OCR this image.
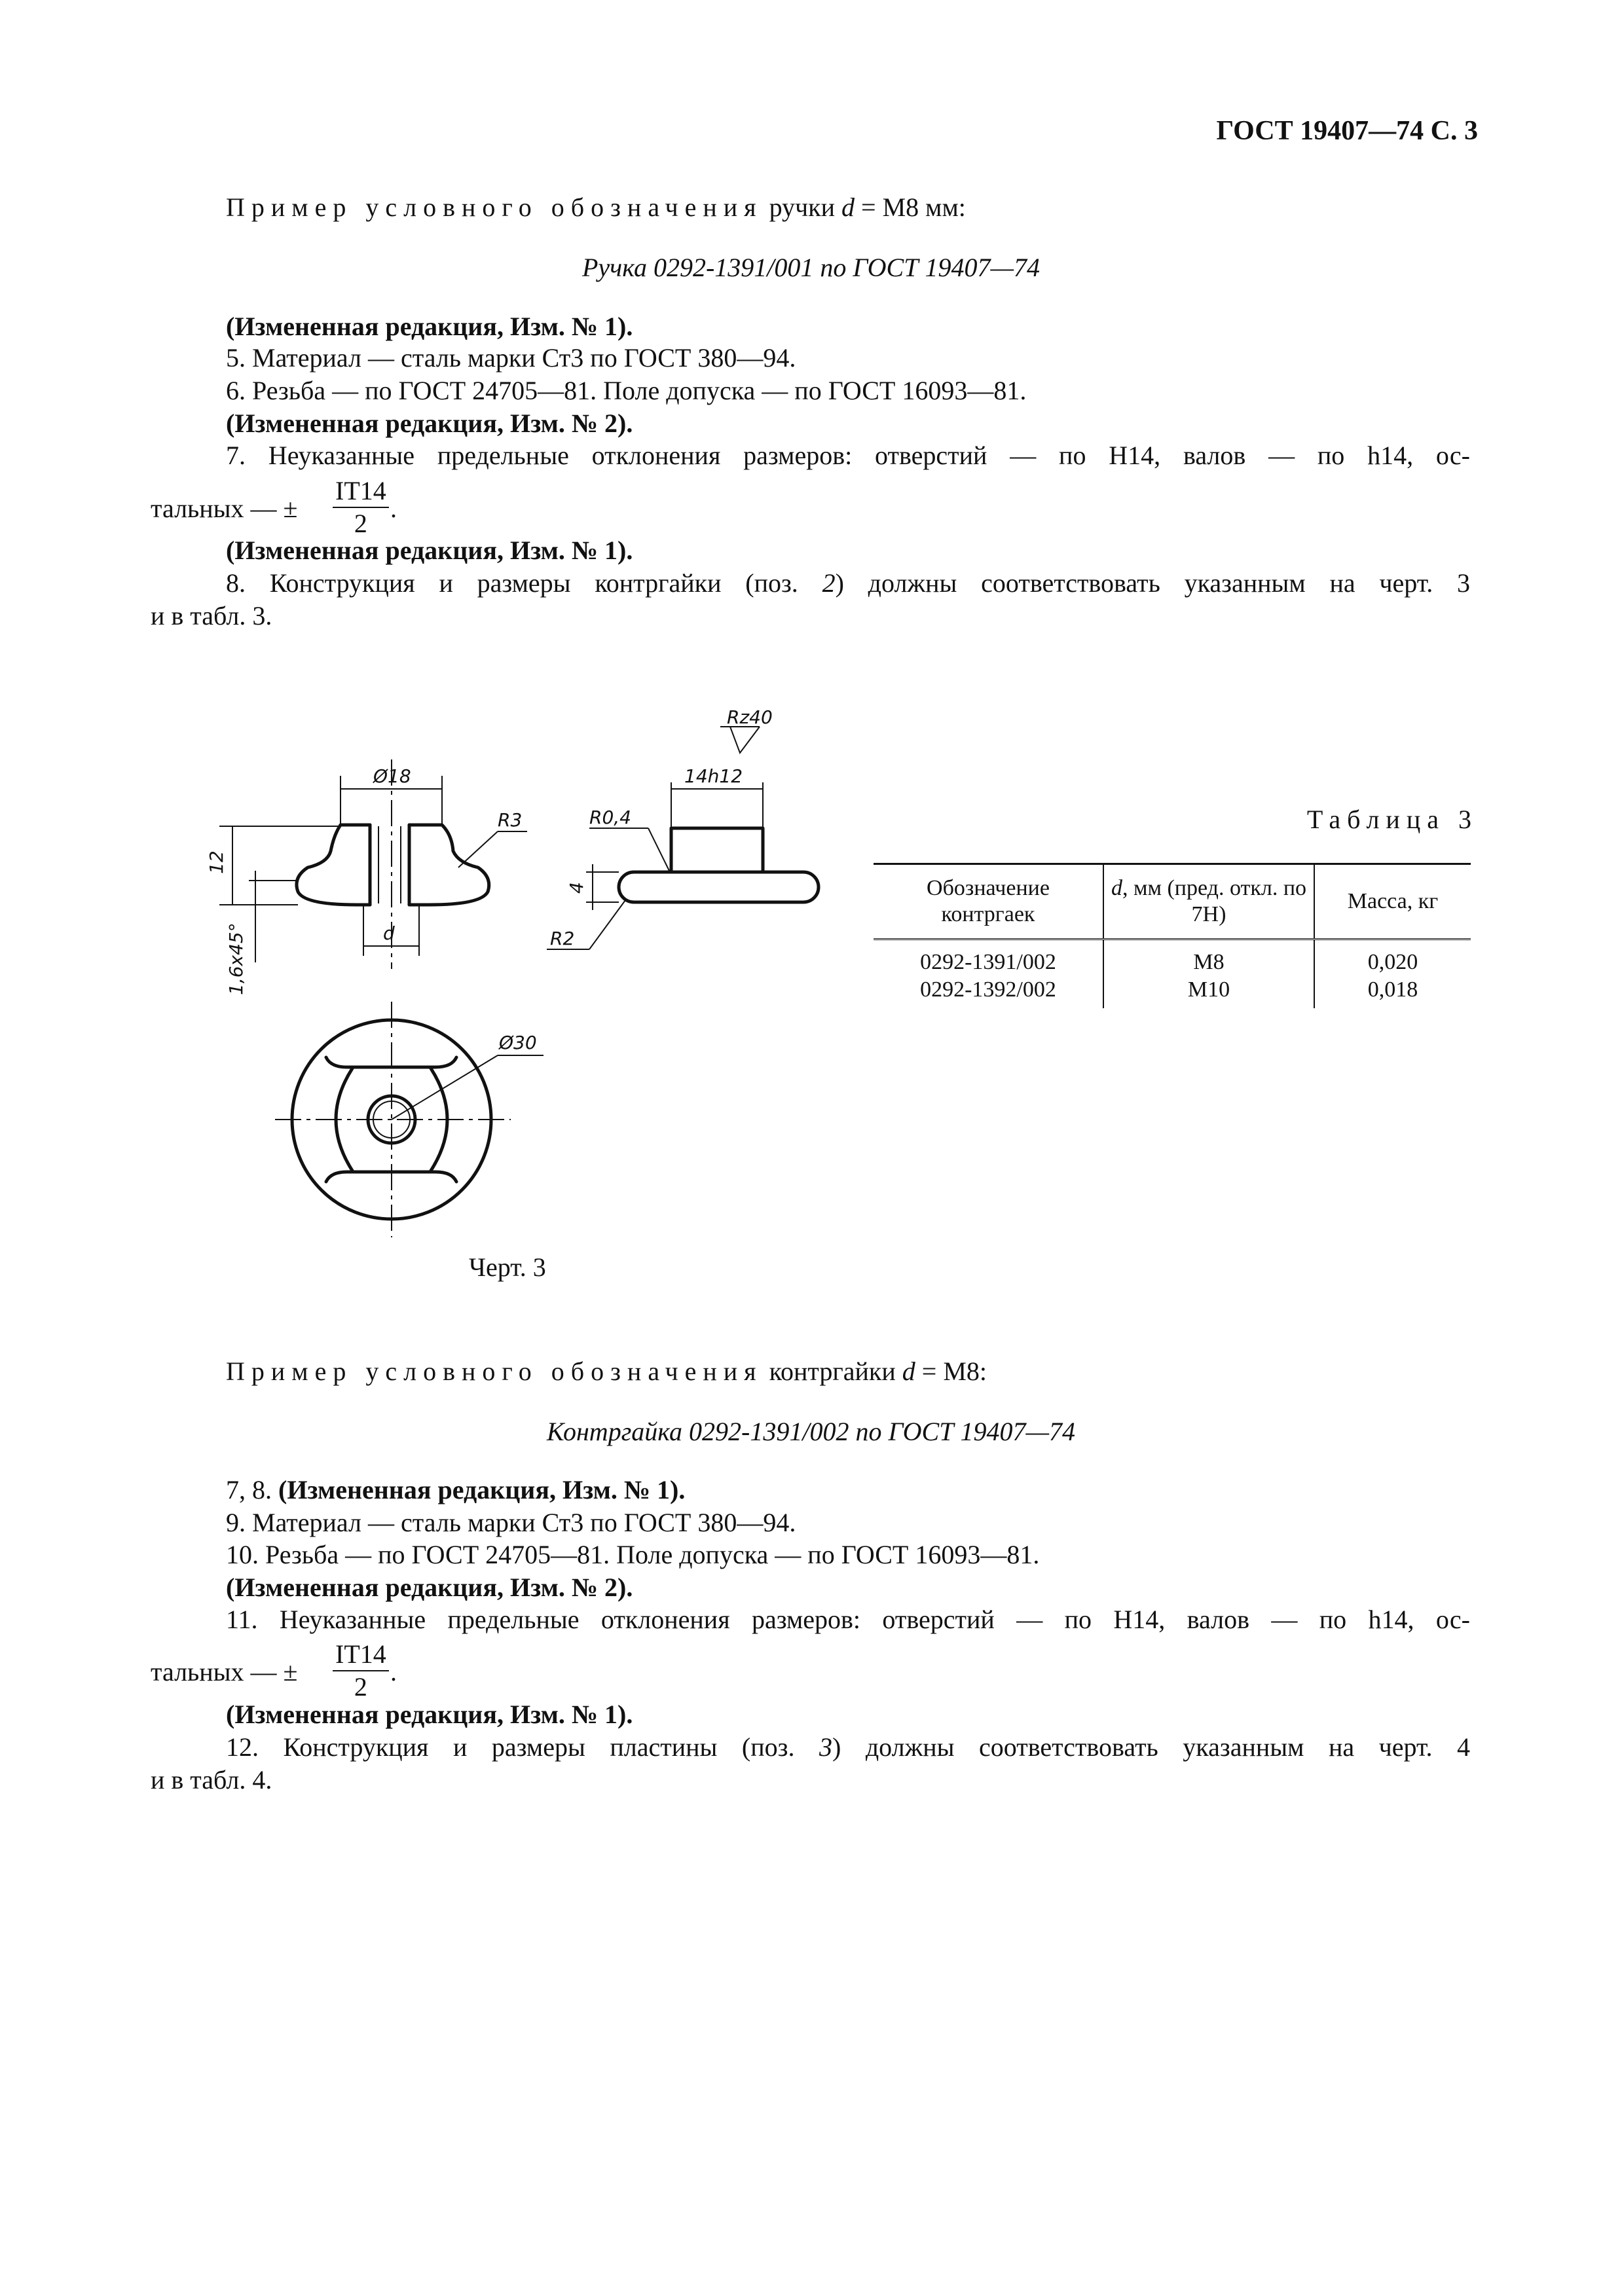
ГОСТ 19407—74 С. 3
Пример условного обозначения ручки d = М8 мм:
Ручка 0292-1391/001 по ГОСТ 19407—74
(Измененная редакция, Изм. № 1).
5. Материал — сталь марки Ст3 по ГОСТ 380—94.
6. Резьба — по ГОСТ 24705—81. Поле допуска — по ГОСТ 16093—81.
(Измененная редакция, Изм. № 2).
7. Неуказанные предельные отклонения размеров: отверстий — по Н14, валов — по h14, ос-
тальных — ± $\frac{IT14}{2}$ .
(Измененная редакция, Изм. № 1).
8. Конструкция и размеры контргайки (поз. 2) должны соответствовать указанным на черт. 3
и в табл. 3.
Ø18
R3
12
1,6x45°	d
Rz40
14h12
R0,4
4
R2
Ø30
Черт. 3
Таблица 3
Обозначение контргаек	d, мм (пред. откл. по 7Н)	Масса, кг
0292-1391/002	М8	0,020
0292-1392/002	М10	0,018
Пример условного обозначения контргайки d = М8:
Контргайка 0292-1391/002 по ГОСТ 19407—74
7, 8. (Измененная редакция, Изм. № 1).
9. Материал — сталь марки Ст3 по ГОСТ 380—94.
10. Резьба — по ГОСТ 24705—81. Поле допуска — по ГОСТ 16093—81.
(Измененная редакция, Изм. № 2).
11. Неуказанные предельные отклонения размеров: отверстий — по Н14, валов — по h14, ос-
тальных — ± $\frac{IT14}{2}$ .
(Измененная редакция, Изм. № 1).
12. Конструкция и размеры пластины (поз. 3) должны соответствовать указанным на черт. 4
и в табл. 4.
